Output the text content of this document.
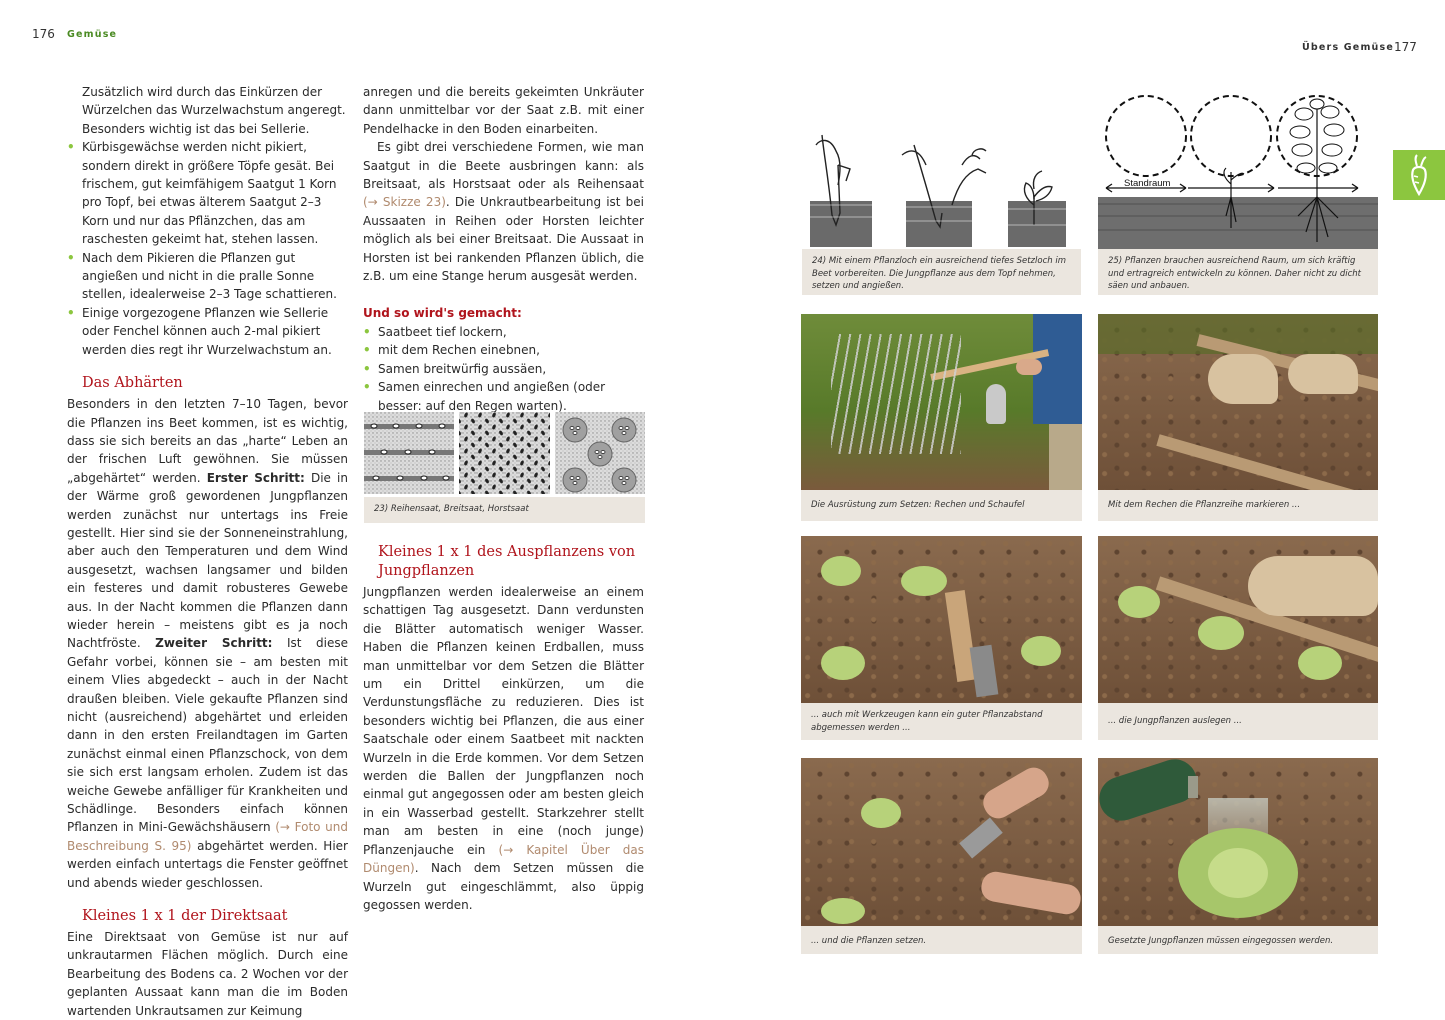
176 Gemüse
Übers Gemüse 177

Zusätzlich wird durch das Einkürzen der Würzelchen das Wurzelwachstum angeregt. Besonders wichtig ist das bei Sellerie.

• Kürbisgewächse werden nicht pikiert, sondern direkt in größere Töpfe gesät. Bei frischem, gut keimfähigem Saatgut 1 Korn pro Topf, bei etwas älterem Saatgut 2–3 Korn und nur das Pflänzchen, das am raschesten gekeimt hat, stehen lassen.
• Nach dem Pikieren die Pflanzen gut angießen und nicht in die pralle Sonne stellen, idealerweise 2–3 Tage schattieren.
• Einige vorgezogene Pflanzen wie Sellerie oder Fenchel können auch 2-mal pikiert werden dies regt ihr Wurzelwachstum an.
Das Abhärten

Besonders in den letzten 7–10 Tagen, bevor die Pflanzen ins Beet kommen, ist es wichtig, dass sie sich bereits an das „harte“ Leben an der frischen Luft gewöhnen. Sie müssen „abgehärtet“ werden. Erster Schritt: Die in der Wärme groß gewordenen Jungpflanzen werden zunächst nur untertags ins Freie gestellt. Hier sind sie der Sonneneinstrahlung, aber auch den Temperaturen und dem Wind ausgesetzt, wachsen langsamer und bilden ein festeres und damit robusteres Gewebe aus. In der Nacht kommen die Pflanzen dann wieder herein – meistens gibt es ja noch Nachtfröste. Zweiter Schritt: Ist diese Gefahr vorbei, können sie – am besten mit einem Vlies abgedeckt – auch in der Nacht draußen bleiben. Viele gekaufte Pflanzen sind nicht (ausreichend) abgehärtet und erleiden dann in den ersten Freilandtagen im Garten zunächst einmal einen Pflanzschock, von dem sie sich erst langsam erholen. Zudem ist das weiche Gewebe anfälliger für Krankheiten und Schädlinge. Besonders einfach können Pflanzen in Mini-Gewächshäusern (→ Foto und Beschreibung S. 95) abgehärtet werden. Hier werden einfach untertags die Fenster geöffnet und abends wieder geschlossen.

Kleines 1 x 1 der Direktsaat

Eine Direktsaat von Gemüse ist nur auf unkrautarmen Flächen möglich. Durch eine Bearbeitung des Bodens ca. 2 Wochen vor der geplanten Aussaat kann man die im Boden wartenden Unkrautsamen zur Keimung

anregen und die bereits gekeimten Unkräuter dann unmittelbar vor der Saat z.B. mit einer Pendelhacke in den Boden einarbeiten.

Es gibt drei verschiedene Formen, wie man Saatgut in die Beete ausbringen kann: als Breitsaat, als Horstsaat oder als Reihensaat (→ Skizze 23). Die Unkrautbearbeitung ist bei Aussaaten in Reihen oder Horsten leichter möglich als bei einer Breitsaat. Die Aussaat in Horsten ist bei rankenden Pflanzen üblich, die z.B. um eine Stange herum ausgesät werden.

Und so wird's gemacht:
• Saatbeet tief lockern,
• mit dem Rechen einebnen,
• Samen breitwürfig aussäen,
• Samen einrechen und angießen (oder besser: auf den Regen warten).
23) Reihensaat, Breitsaat, Horstsaat
Kleines 1 x 1 des Auspflanzens von Jungpflanzen

Jungpflanzen werden idealerweise an einem schattigen Tag ausgesetzt. Dann verdunsten die Blätter automatisch weniger Wasser. Haben die Pflanzen keinen Erdballen, muss man unmittelbar vor dem Setzen die Blätter um ein Drittel einkürzen, um die Verdunstungsfläche zu reduzieren. Dies ist besonders wichtig bei Pflanzen, die aus einer Saatschale oder einem Saatbeet mit nackten Wurzeln in die Erde kommen. Vor dem Setzen werden die Ballen der Jungpflanzen noch einmal gut angegossen oder am besten gleich in ein Wasserbad gestellt. Starkzehrer stellt man am besten in eine (noch junge) Pflanzenjauche ein (→ Kapitel Über das Düngen). Nach dem Setzen müssen die Wurzeln gut eingeschlämmt, also üppig gegossen werden.

24) Mit einem Pflanzloch ein ausreichend tiefes Setzloch im Beet vorbereiten. Die Jungpflanze aus dem Topf nehmen, setzen und angießen.
Standraum
25) Pflanzen brauchen ausreichend Raum, um sich kräftig und ertragreich entwickeln zu können. Daher nicht zu dicht säen und anbauen.
Die Ausrüstung zum Setzen: Rechen und Schaufel	Mit dem Rechen die Pflanzreihe markieren ...
... auch mit Werkzeugen kann ein guter Pflanzabstand abgemessen werden ...
... die Jungpflanzen auslegen ...
... und die Pflanzen setzen.	Gesetzte Jungpflanzen müssen eingegossen werden.
